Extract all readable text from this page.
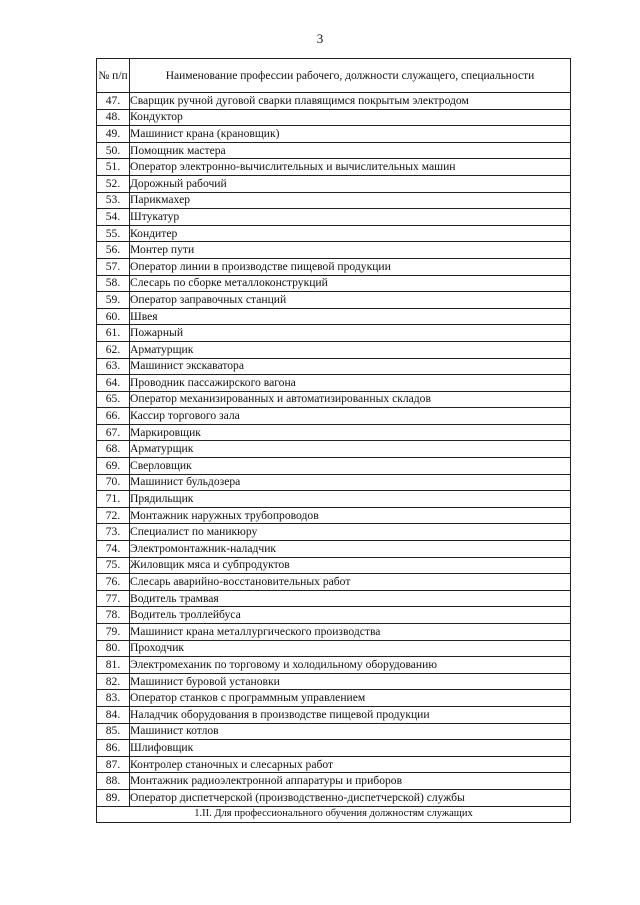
3
№ п/п	Наименование профессии рабочего, должности служащего, специальности
47.	Сварщик ручной дуговой сварки плавящимся покрытым электродом
48.	Кондуктор
49.	Машинист крана (крановщик)
50.	Помощник мастера
51.	Оператор электронно-вычислительных и вычислительных машин
52.	Дорожный рабочий
53.	Парикмахер
54.	Штукатур
55.	Кондитер
56.	Монтер пути
57.	Оператор линии в производстве пищевой продукции
58.	Слесарь по сборке металлоконструкций
59.	Оператор заправочных станций
60.	Швея
61.	Пожарный
62.	Арматурщик
63.	Машинист экскаватора
64.	Проводник пассажирского вагона
65.	Оператор механизированных и автоматизированных складов
66.	Кассир торгового зала
67.	Маркировщик
68.	Арматурщик
69.	Сверловщик
70.	Машинист бульдозера
71.	Прядильщик
72.	Монтажник наружных трубопроводов
73.	Специалист по маникюру
74.	Электромонтажник-наладчик
75.	Жиловщик мяса и субпродуктов
76.	Слесарь аварийно-восстановительных работ
77.	Водитель трамвая
78.	Водитель троллейбуса
79.	Машинист крана металлургического производства
80.	Проходчик
81.	Электромеханик по торговому и холодильному оборудованию
82.	Машинист буровой установки
83.	Оператор станков с программным управлением
84.	Наладчик оборудования в производстве пищевой продукции
85.	Машинист котлов
86.	Шлифовщик
87.	Контролер станочных и слесарных работ
88.	Монтажник радиоэлектронной аппаратуры и приборов
89.	Оператор диспетчерской (производственно-диспетчерской) службы
1.II. Для профессионального обучения должностям служащих	
